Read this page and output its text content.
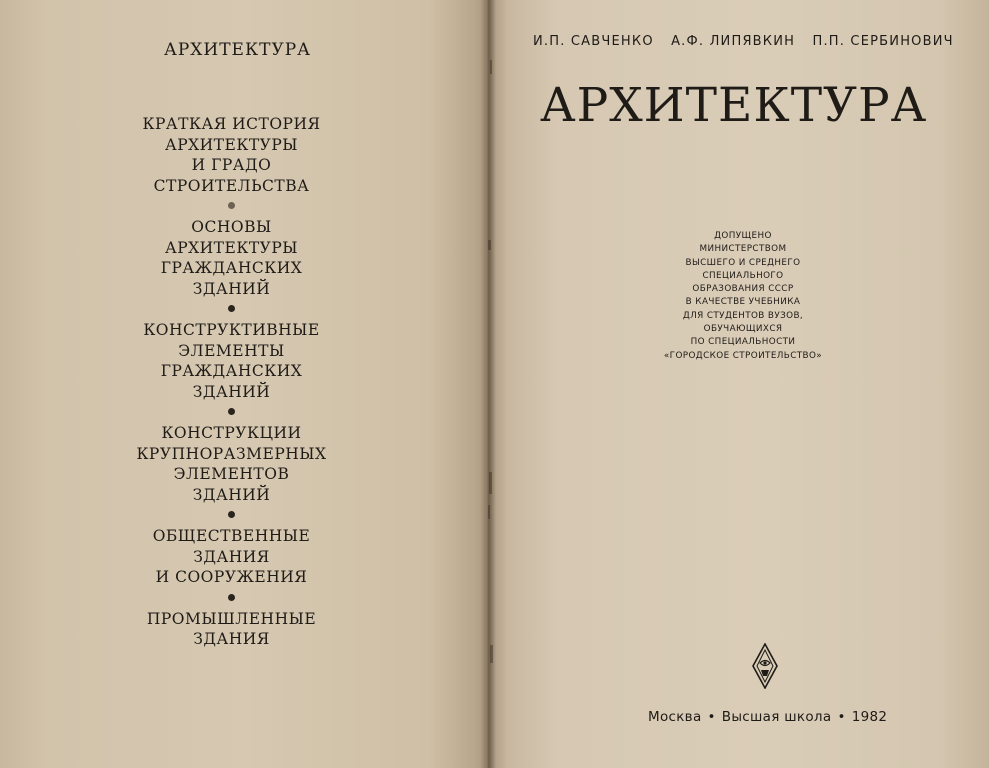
АРХИТЕКТУРА
КРАТКАЯ ИСТОРИЯ
АРХИТЕКТУРЫ
И ГРАДО
СТРОИТЕЛЬСТВА
ОСНОВЫ
АРХИТЕКТУРЫ
ГРАЖДАНСКИХ
ЗДАНИЙ
КОНСТРУКТИВНЫЕ
ЭЛЕМЕНТЫ
ГРАЖДАНСКИХ
ЗДАНИЙ
КОНСТРУКЦИИ
КРУПНОРАЗМЕРНЫХ
ЭЛЕМЕНТОВ
ЗДАНИЙ
ОБЩЕСТВЕННЫЕ
ЗДАНИЯ
И СООРУЖЕНИЯ
ПРОМЫШЛЕННЫЕ
ЗДАНИЯ
И.П. САВЧЕНКО А.Ф. ЛИПЯВКИН П.П. СЕРБИНОВИЧ
АРХИТЕКТУРА
ДОПУЩЕНО
МИНИСТЕРСТВОМ
ВЫСШЕГО И СРЕДНЕГО
СПЕЦИАЛЬНОГО
ОБРАЗОВАНИЯ СССР
В КАЧЕСТВЕ УЧЕБНИКА
ДЛЯ СТУДЕНТОВ ВУЗОВ,
ОБУЧАЮЩИХСЯ
ПО СПЕЦИАЛЬНОСТИ
«ГОРОДСКОЕ СТРОИТЕЛЬСТВО»
Москва • Высшая школа • 1982
